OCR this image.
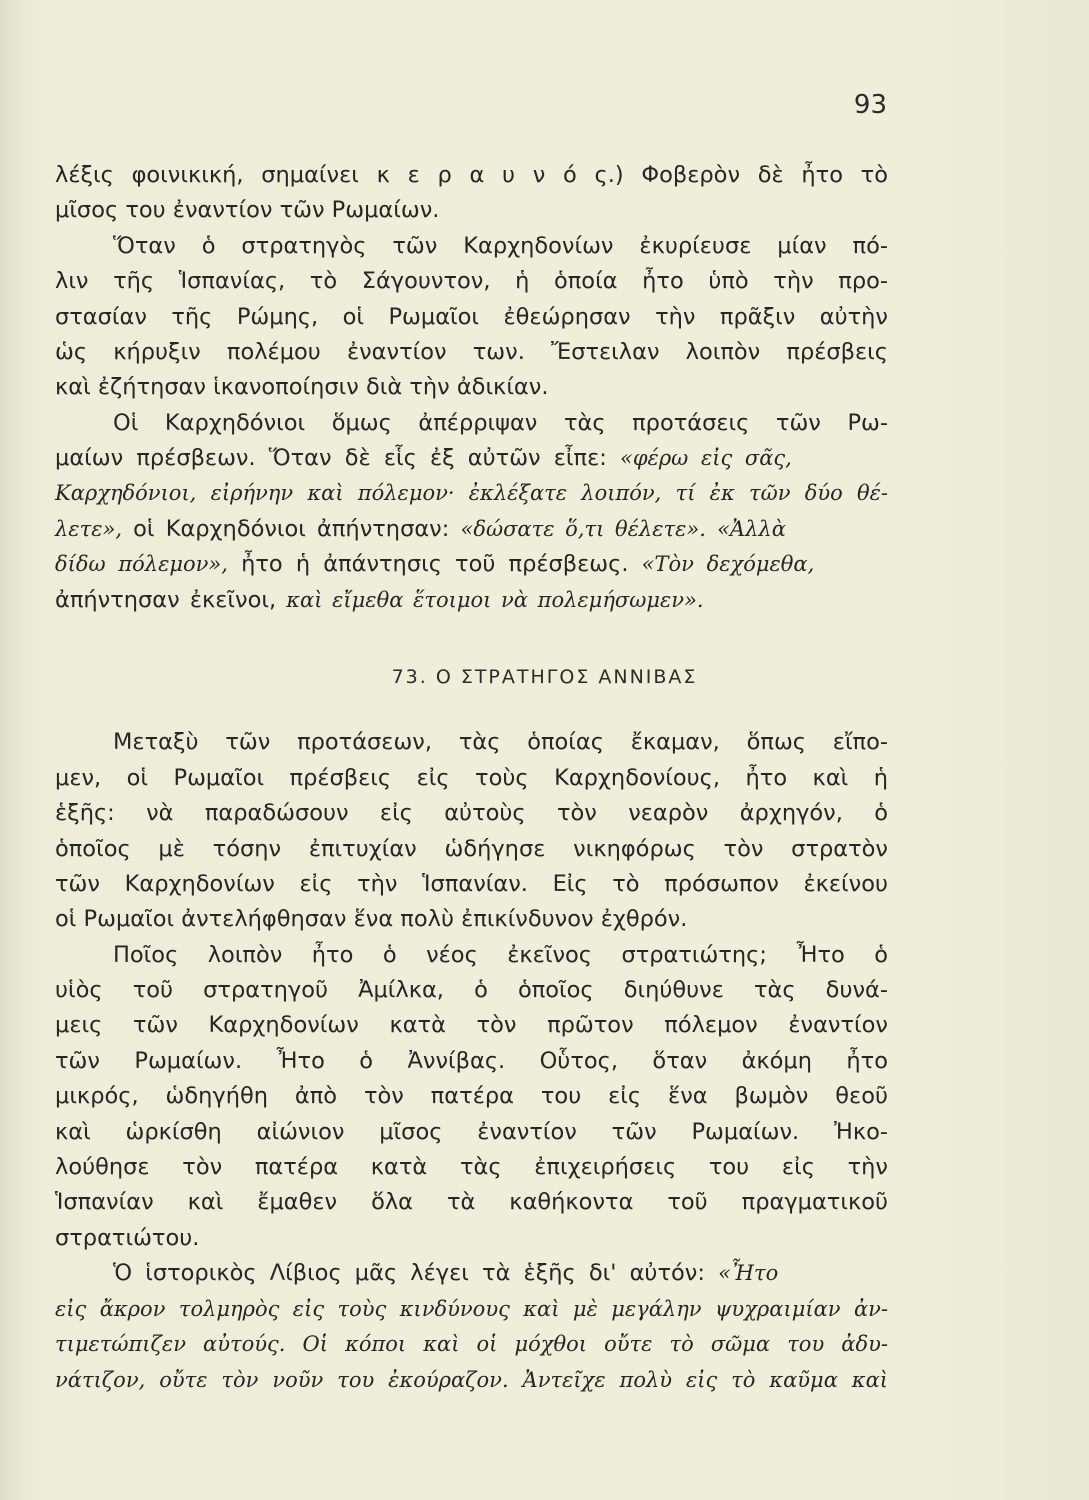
93
λέξις φοινικική, σημαίνει κ ε ρ α υ ν ό ς.) Φοβερὸν δὲ ἦτο τὸ
μῖσος του ἐναντίον τῶν Ρωμαίων.
Ὅταν ὁ στρατηγὸς τῶν Καρχηδονίων ἐκυρίευσε μίαν πό-
λιν τῆς Ἱσπανίας, τὸ Σάγουντον, ἡ ὁποία ἦτο ὑπὸ τὴν προ-
στασίαν τῆς Ρώμης, οἱ Ρωμαῖοι ἐθεώρησαν τὴν πρᾶξιν αὐτὴν
ὡς κήρυξιν πολέμου ἐναντίον των. Ἔστειλαν λοιπὸν πρέσβεις
καὶ ἐζήτησαν ἱκανοποίησιν διὰ τὴν ἀδικίαν.
Οἱ Καρχηδόνιοι ὅμως ἀπέρριψαν τὰς προτάσεις τῶν Ρω-
μαίων πρέσβεων. Ὅταν δὲ εἷς ἐξ αὐτῶν εἶπε: «φέρω εἰς σᾶς,
Καρχηδόνιοι, εἰρήνην καὶ πόλεμον· ἐκλέξατε λοιπόν, τί ἐκ τῶν δύο θέ-
λετε», οἱ Καρχηδόνιοι ἀπήντησαν: «δώσατε ὅ,τι θέλετε». «Ἀλλὰ
δίδω πόλεμον», ἦτο ἡ ἀπάντησις τοῦ πρέσβεως. «Τὸν δεχόμεθα,
ἀπήντησαν ἐκεῖνοι, καὶ εἴμεθα ἕτοιμοι νὰ πολεμήσωμεν».
73. Ο ΣΤΡΑΤΗΓΟΣ ΑΝΝΙΒΑΣ
Μεταξὺ τῶν προτάσεων, τὰς ὁποίας ἔκαμαν, ὅπως εἴπο-
μεν, οἱ Ρωμαῖοι πρέσβεις εἰς τοὺς Καρχηδονίους, ἦτο καὶ ἡ
ἑξῆς: νὰ παραδώσουν εἰς αὐτοὺς τὸν νεαρὸν ἀρχηγόν, ὁ
ὁποῖος μὲ τόσην ἐπιτυχίαν ὡδήγησε νικηφόρως τὸν στρατὸν
τῶν Καρχηδονίων εἰς τὴν Ἱσπανίαν. Εἰς τὸ πρόσωπον ἐκείνου
οἱ Ρωμαῖοι ἀντελήφθησαν ἕνα πολὺ ἐπικίνδυνον ἐχθρόν.
Ποῖος λοιπὸν ἦτο ὁ νέος ἐκεῖνος στρατιώτης; Ἦτο ὁ
υἱὸς τοῦ στρατηγοῦ Ἀμίλκα, ὁ ὁποῖος διηύθυνε τὰς δυνά-
μεις τῶν Καρχηδονίων κατὰ τὸν πρῶτον πόλεμον ἐναντίον
τῶν Ρωμαίων. Ἦτο ὁ Ἀννίβας. Οὗτος, ὅταν ἀκόμη ἦτο
μικρός, ὡδηγήθη ἀπὸ τὸν πατέρα του εἰς ἕνα βωμὸν θεοῦ
καὶ ὡρκίσθη αἰώνιον μῖσος ἐναντίον τῶν Ρωμαίων. Ἠκο-
λούθησε τὸν πατέρα κατὰ τὰς ἐπιχειρήσεις του εἰς τὴν
Ἱσπανίαν καὶ ἔμαθεν ὅλα τὰ καθήκοντα τοῦ πραγματικοῦ
στρατιώτου.
Ὁ ἱστορικὸς Λίβιος μᾶς λέγει τὰ ἑξῆς δι' αὐτόν: «Ἦτο
εἰς ἄκρον τολμηρὸς εἰς τοὺς κινδύνους καὶ μὲ μεγάλην ψυχραιμίαν ἀν-
τιμετώπιζεν αὐτούς. Οἱ κόποι καὶ οἱ μόχθοι οὔτε τὸ σῶμα του ἀδυ-
νάτιζον, οὔτε τὸν νοῦν του ἐκούραζον. Ἀντεῖχε πολὺ εἰς τὸ καῦμα καὶ
